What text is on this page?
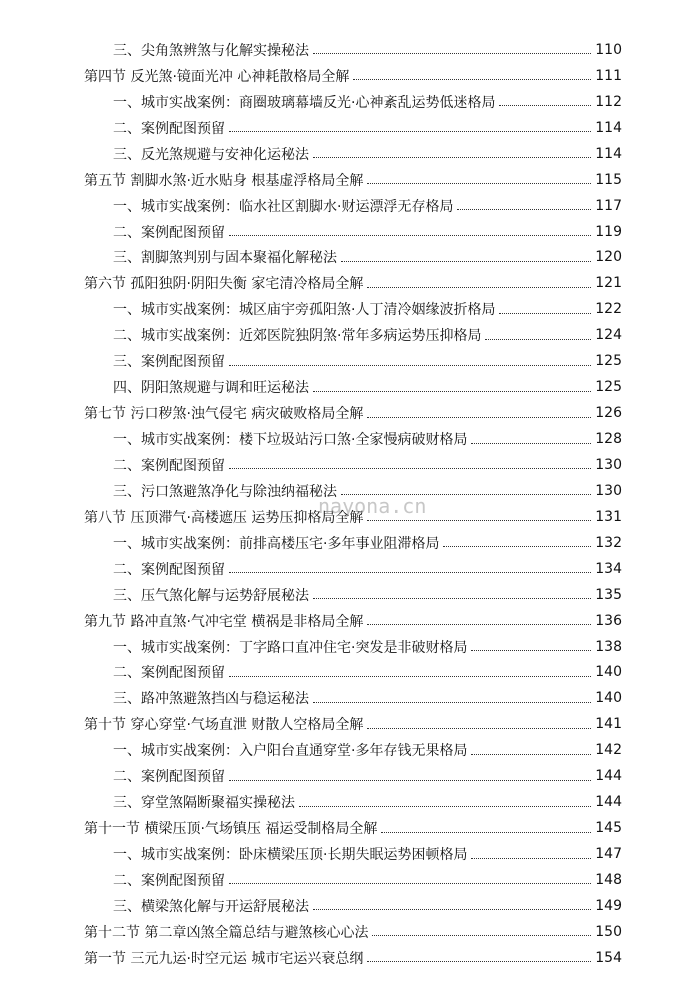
三、尖角煞辨煞与化解实操秘法	110
第四节 反光煞·镜面光冲 心神耗散格局全解	111
一、城市实战案例：商圈玻璃幕墙反光·心神紊乱运势低迷格局	112
二、案例配图预留	114
三、反光煞规避与安神化运秘法	114
第五节 割脚水煞·近水贴身 根基虚浮格局全解	115
一、城市实战案例：临水社区割脚水·财运漂浮无存格局	117
二、案例配图预留	119
三、割脚煞判别与固本聚福化解秘法	120
第六节 孤阳独阴·阴阳失衡 家宅清冷格局全解	121
一、城市实战案例：城区庙宇旁孤阳煞·人丁清冷姻缘波折格局	122
二、城市实战案例：近郊医院独阴煞·常年多病运势压抑格局	124
三、案例配图预留	125
四、阴阳煞规避与调和旺运秘法	125
第七节 污口秽煞·浊气侵宅 病灾破败格局全解	126
一、城市实战案例：楼下垃圾站污口煞·全家慢病破财格局	128
二、案例配图预留	130
三、污口煞避煞净化与除浊纳福秘法	130
第八节 压顶滞气·高楼遮压 运势压抑格局全解	131
一、城市实战案例：前排高楼压宅·多年事业阻滞格局	132
二、案例配图预留	134
三、压气煞化解与运势舒展秘法	135
第九节 路冲直煞·气冲宅堂 横祸是非格局全解	136
一、城市实战案例：丁字路口直冲住宅·突发是非破财格局	138
二、案例配图预留	140
三、路冲煞避煞挡凶与稳运秘法	140
第十节 穿心穿堂·气场直泄 财散人空格局全解	141
一、城市实战案例：入户阳台直通穿堂·多年存钱无果格局	142
二、案例配图预留	144
三、穿堂煞隔断聚福实操秘法	144
第十一节 横梁压顶·气场镇压 福运受制格局全解	145
一、城市实战案例：卧床横梁压顶·长期失眠运势困顿格局	147
二、案例配图预留	148
三、横梁煞化解与开运舒展秘法	149
第十二节 第二章凶煞全篇总结与避煞核心心法	150
第一节 三元九运·时空元运 城市宅运兴衰总纲	154
nayona.cn
